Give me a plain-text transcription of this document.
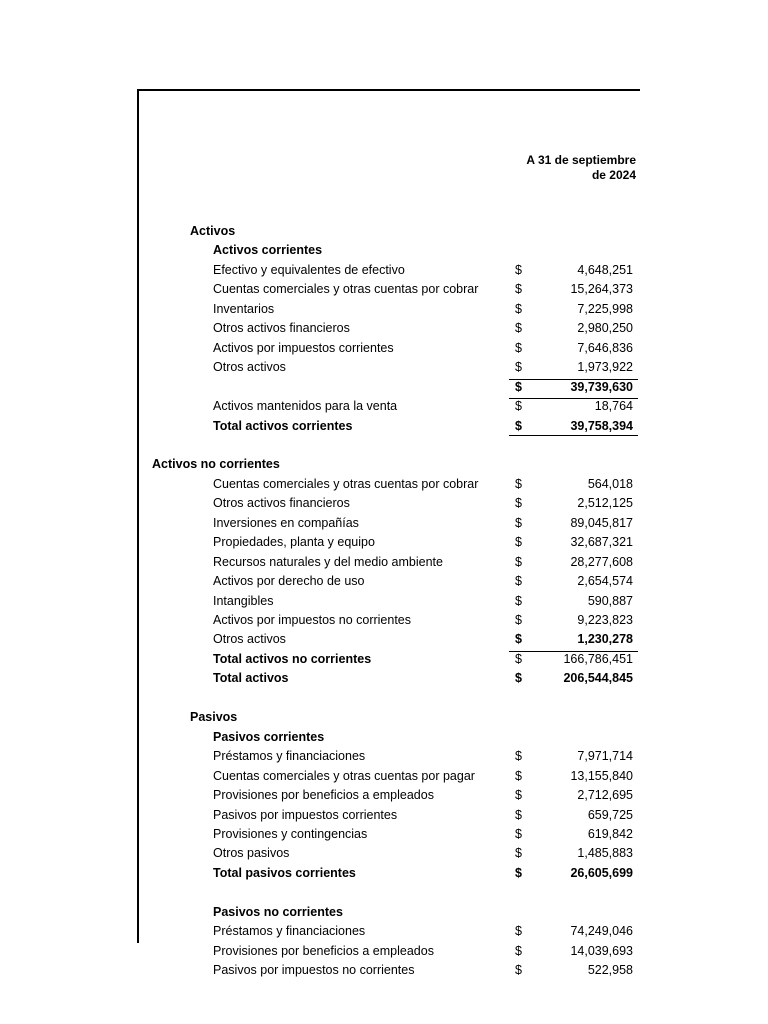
A 31 de septiembre
de 2024
Activos
Activos corrientes
Efectivo y equivalentes de efectivo	$	4,648,251
Cuentas comerciales y otras cuentas por cobrar	$	15,264,373
Inventarios	$	7,225,998
Otros activos financieros	$	2,980,250
Activos por impuestos corrientes	$	7,646,836
Otros activos	$	1,973,922
$	39,739,630
Activos mantenidos para la venta	$	18,764
Total activos corrientes	$	39,758,394
Activos no corrientes
Cuentas comerciales y otras cuentas por cobrar	$	564,018
Otros activos financieros	$	2,512,125
Inversiones en compañías	$	89,045,817
Propiedades, planta y equipo	$	32,687,321
Recursos naturales y del medio ambiente	$	28,277,608
Activos por derecho de uso	$	2,654,574
Intangibles	$	590,887
Activos por impuestos no corrientes	$	9,223,823
Otros activos	$	1,230,278
Total activos no corrientes	$	166,786,451
Total activos	$	206,544,845
Pasivos
Pasivos corrientes
Préstamos y financiaciones	$	7,971,714
Cuentas comerciales y otras cuentas por pagar	$	13,155,840
Provisiones por beneficios a empleados	$	2,712,695
Pasivos por impuestos corrientes	$	659,725
Provisiones y contingencias	$	619,842
Otros pasivos	$	1,485,883
Total pasivos corrientes	$	26,605,699
Pasivos no corrientes
Préstamos y financiaciones	$	74,249,046
Provisiones por beneficios a empleados	$	14,039,693
Pasivos por impuestos no corrientes	$	522,958
